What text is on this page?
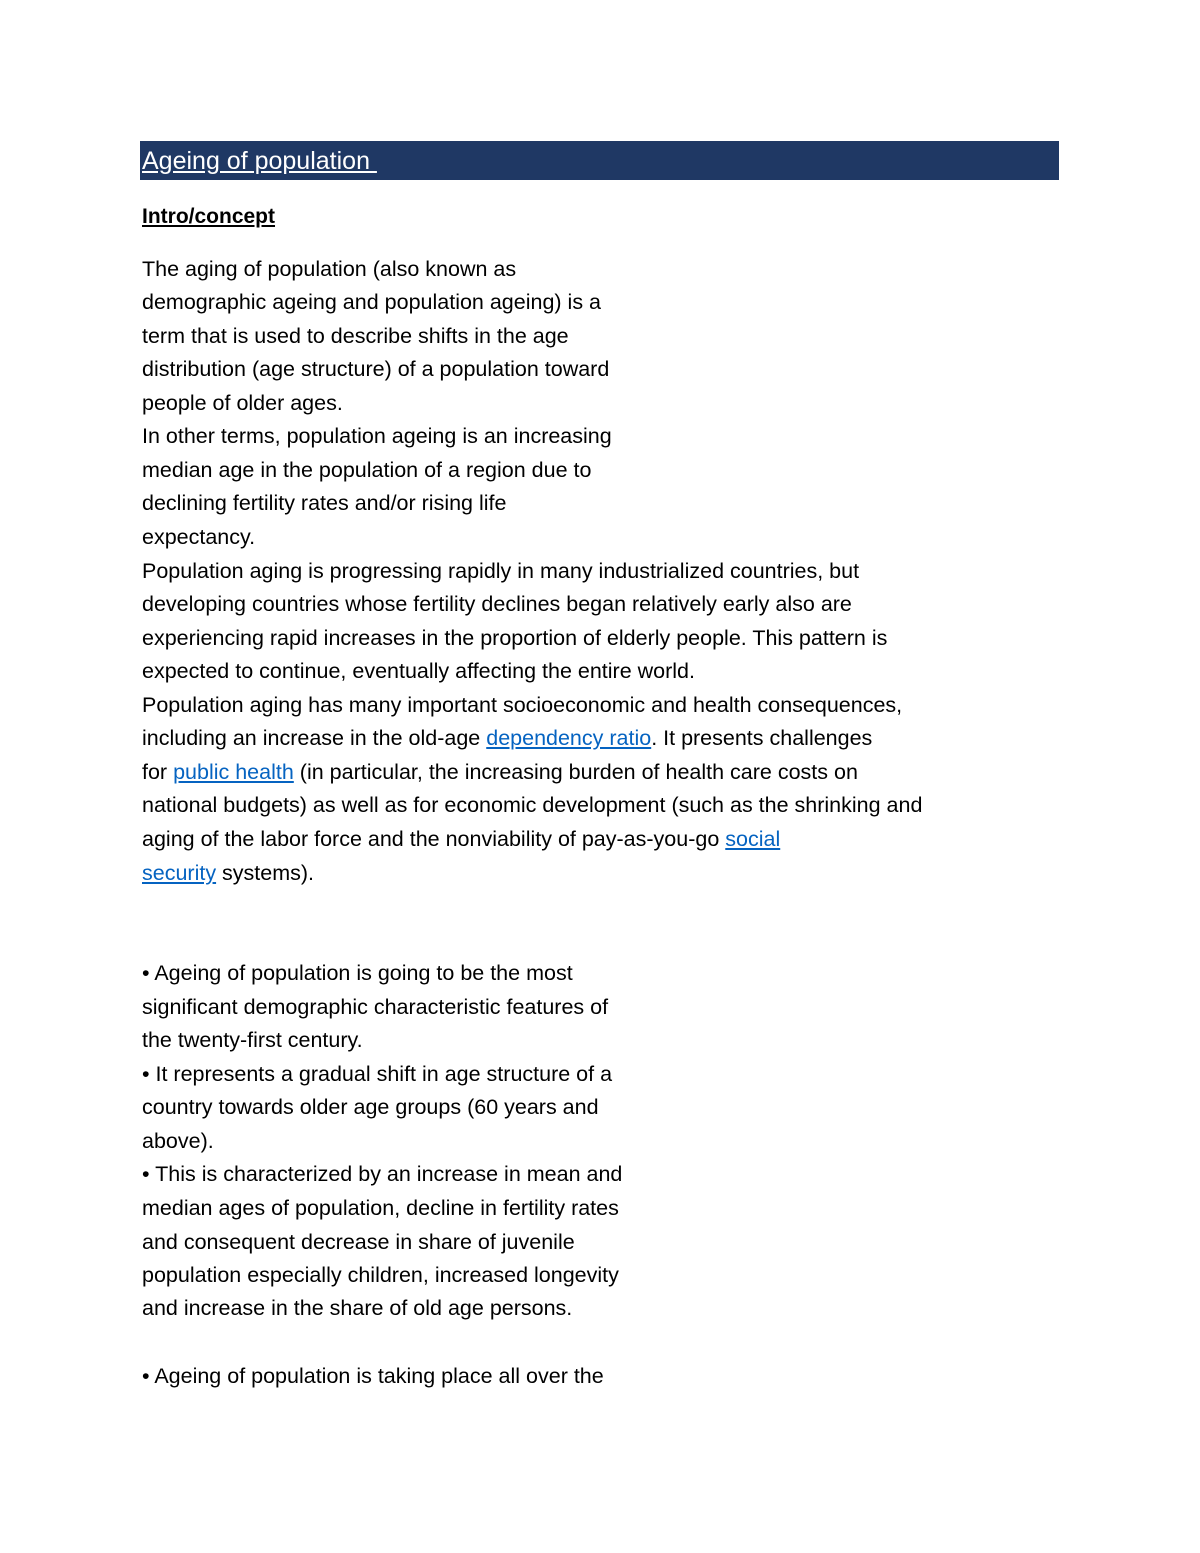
Ageing of population
Intro/concept
The aging of population (also known as
demographic ageing and population ageing) is a
term that is used to describe shifts in the age
distribution (age structure) of a population toward
people of older ages.
In other terms, population ageing is an increasing
median age in the population of a region due to
declining fertility rates and/or rising life
expectancy.
Population aging is progressing rapidly in many industrialized countries, but
developing countries whose fertility declines began relatively early also are
experiencing rapid increases in the proportion of elderly people. This pattern is
expected to continue, eventually affecting the entire world.
Population aging has many important socioeconomic and health consequences,
including an increase in the old-age dependency ratio. It presents challenges
for public health (in particular, the increasing burden of health care costs on
national budgets) as well as for economic development (such as the shrinking and
aging of the labor force and the nonviability of pay-as-you-go social
security systems).
• Ageing of population is going to be the most
significant demographic characteristic features of
the twenty-first century.
• It represents a gradual shift in age structure of a
country towards older age groups (60 years and
above).
• This is characterized by an increase in mean and
median ages of population, decline in fertility rates
and consequent decrease in share of juvenile
population especially children, increased longevity
and increase in the share of old age persons.
• Ageing of population is taking place all over the
